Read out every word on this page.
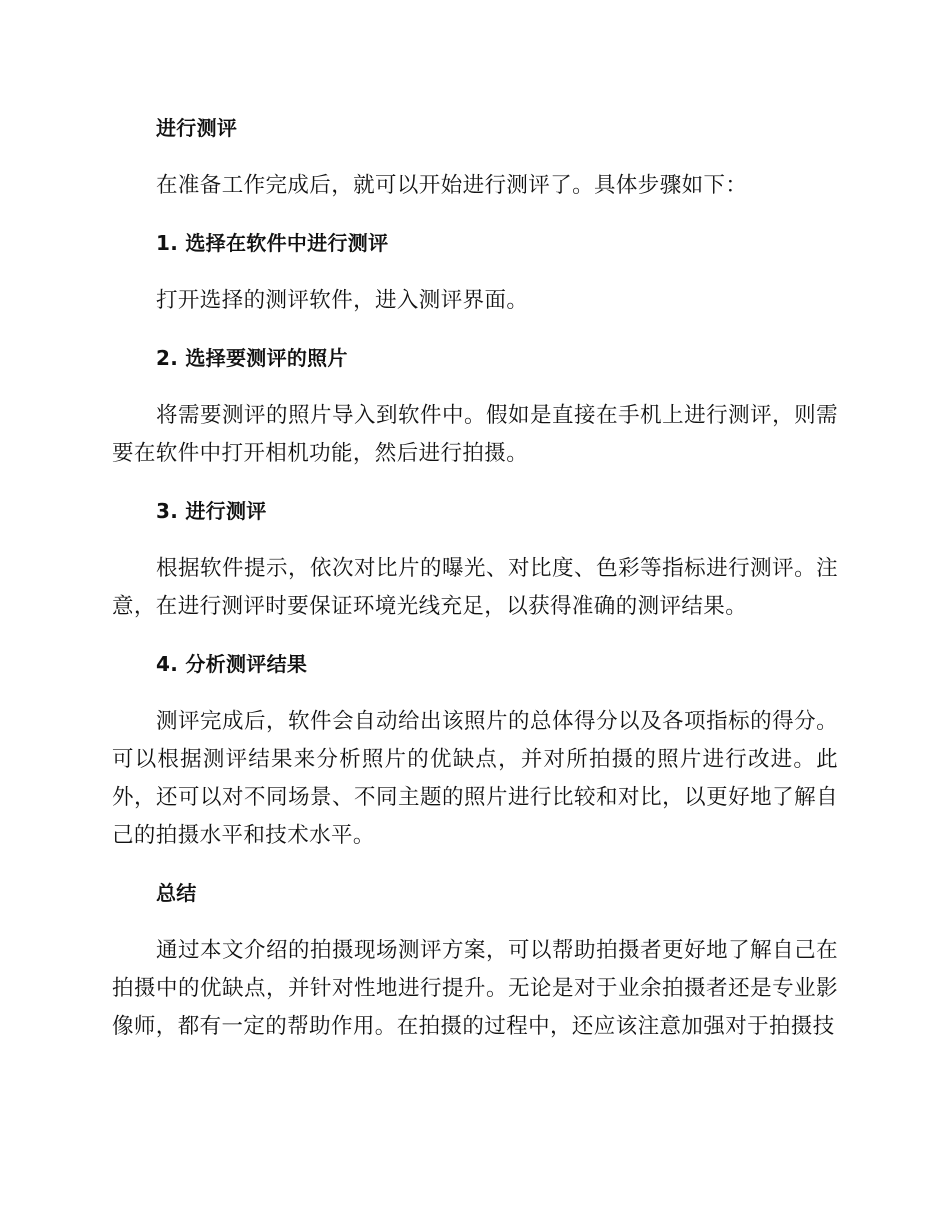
进行测评

在准备工作完成后，就可以开始进行测评了。具体步骤如下：

1. 选择在软件中进行测评

打开选择的测评软件，进入测评界面。

2. 选择要测评的照片

将需要测评的照片导入到软件中。假如是直接在手机上进行测评，则需要在软件中打开相机功能，然后进行拍摄。

3. 进行测评

根据软件提示，依次对比片的曝光、对比度、色彩等指标进行测评。注意，在进行测评时要保证环境光线充足，以获得准确的测评结果。

4. 分析测评结果

测评完成后，软件会自动给出该照片的总体得分以及各项指标的得分。可以根据测评结果来分析照片的优缺点，并对所拍摄的照片进行改进。此外，还可以对不同场景、不同主题的照片进行比较和对比，以更好地了解自己的拍摄水平和技术水平。

总结

通过本文介绍的拍摄现场测评方案，可以帮助拍摄者更好地了解自己在拍摄中的优缺点，并针对性地进行提升。无论是对于业余拍摄者还是专业影像师，都有一定的帮助作用。在拍摄的过程中，还应该注意加强对于拍摄技
